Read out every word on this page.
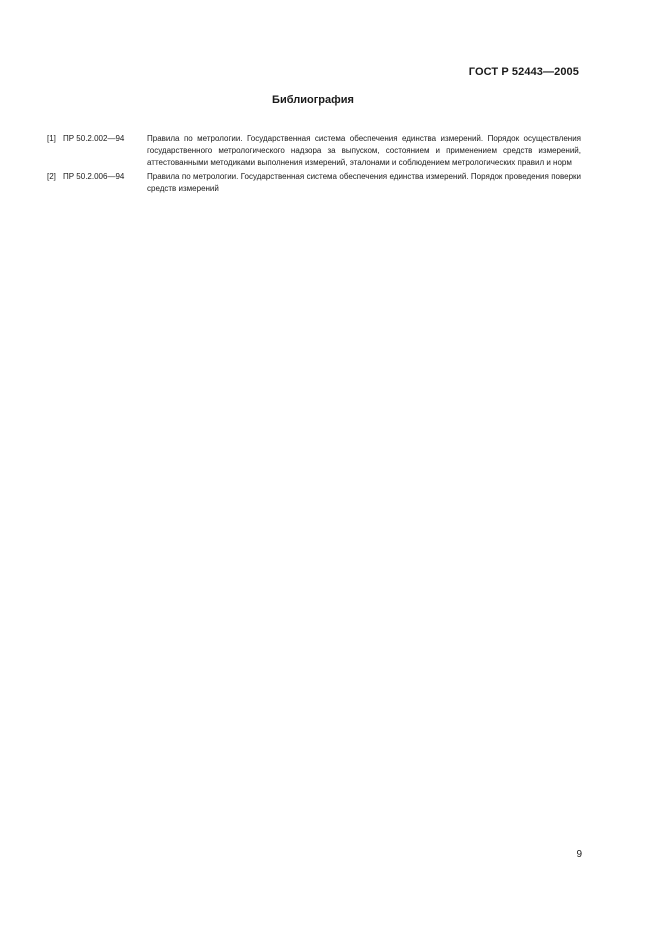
ГОСТ Р 52443—2005
Библиография
[1] ПР 50.2.002—94	Правила по метрологии. Государственная система обеспечения единства измерений. Порядок осуществления государственного метрологического надзора за выпуском, состоянием и применением средств измерений, аттестованными методиками выполнения измерений, эталонами и соблюдением метрологических правил и норм
[2] ПР 50.2.006—94	Правила по метрологии. Государственная система обеспечения единства измерений. Порядок проведения поверки средств измерений
9
